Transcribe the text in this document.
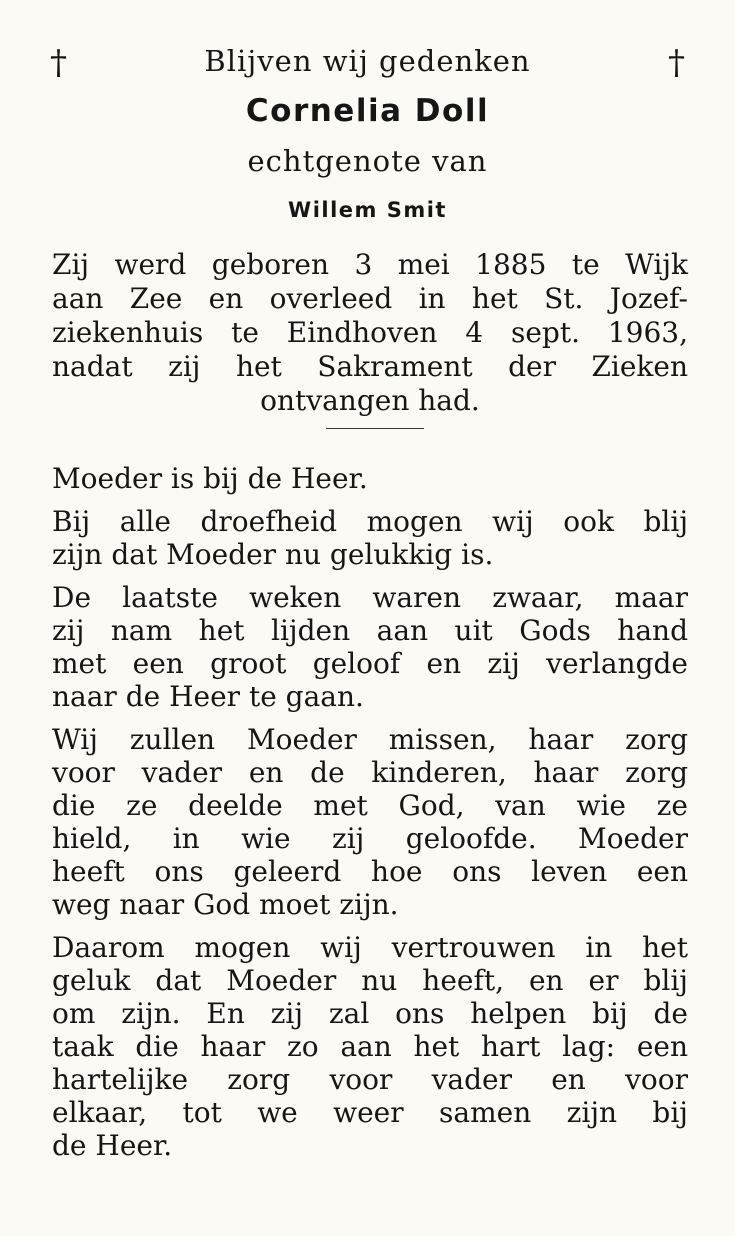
†	†
Blijven wij gedenken
Cornelia Doll
echtgenote van
Willem Smit
Zij werd geboren 3 mei 1885 te Wijk
aan Zee en overleed in het St. Jozef-
ziekenhuis te Eindhoven 4 sept. 1963,
nadat zij het Sakrament der Zieken
ontvangen had.

Moeder is bij de Heer.

Bij alle droefheid mogen wij ook blij
zijn dat Moeder nu gelukkig is.

De laatste weken waren zwaar, maar
zij nam het lijden aan uit Gods hand
met een groot geloof en zij verlangde
naar de Heer te gaan.

Wij zullen Moeder missen, haar zorg
voor vader en de kinderen, haar zorg
die ze deelde met God, van wie ze
hield, in wie zij geloofde. Moeder
heeft ons geleerd hoe ons leven een
weg naar God moet zijn.

Daarom mogen wij vertrouwen in het
geluk dat Moeder nu heeft, en er blij
om zijn. En zij zal ons helpen bij de
taak die haar zo aan het hart lag: een
hartelijke zorg voor vader en voor
elkaar, tot we weer samen zijn bij
de Heer.
